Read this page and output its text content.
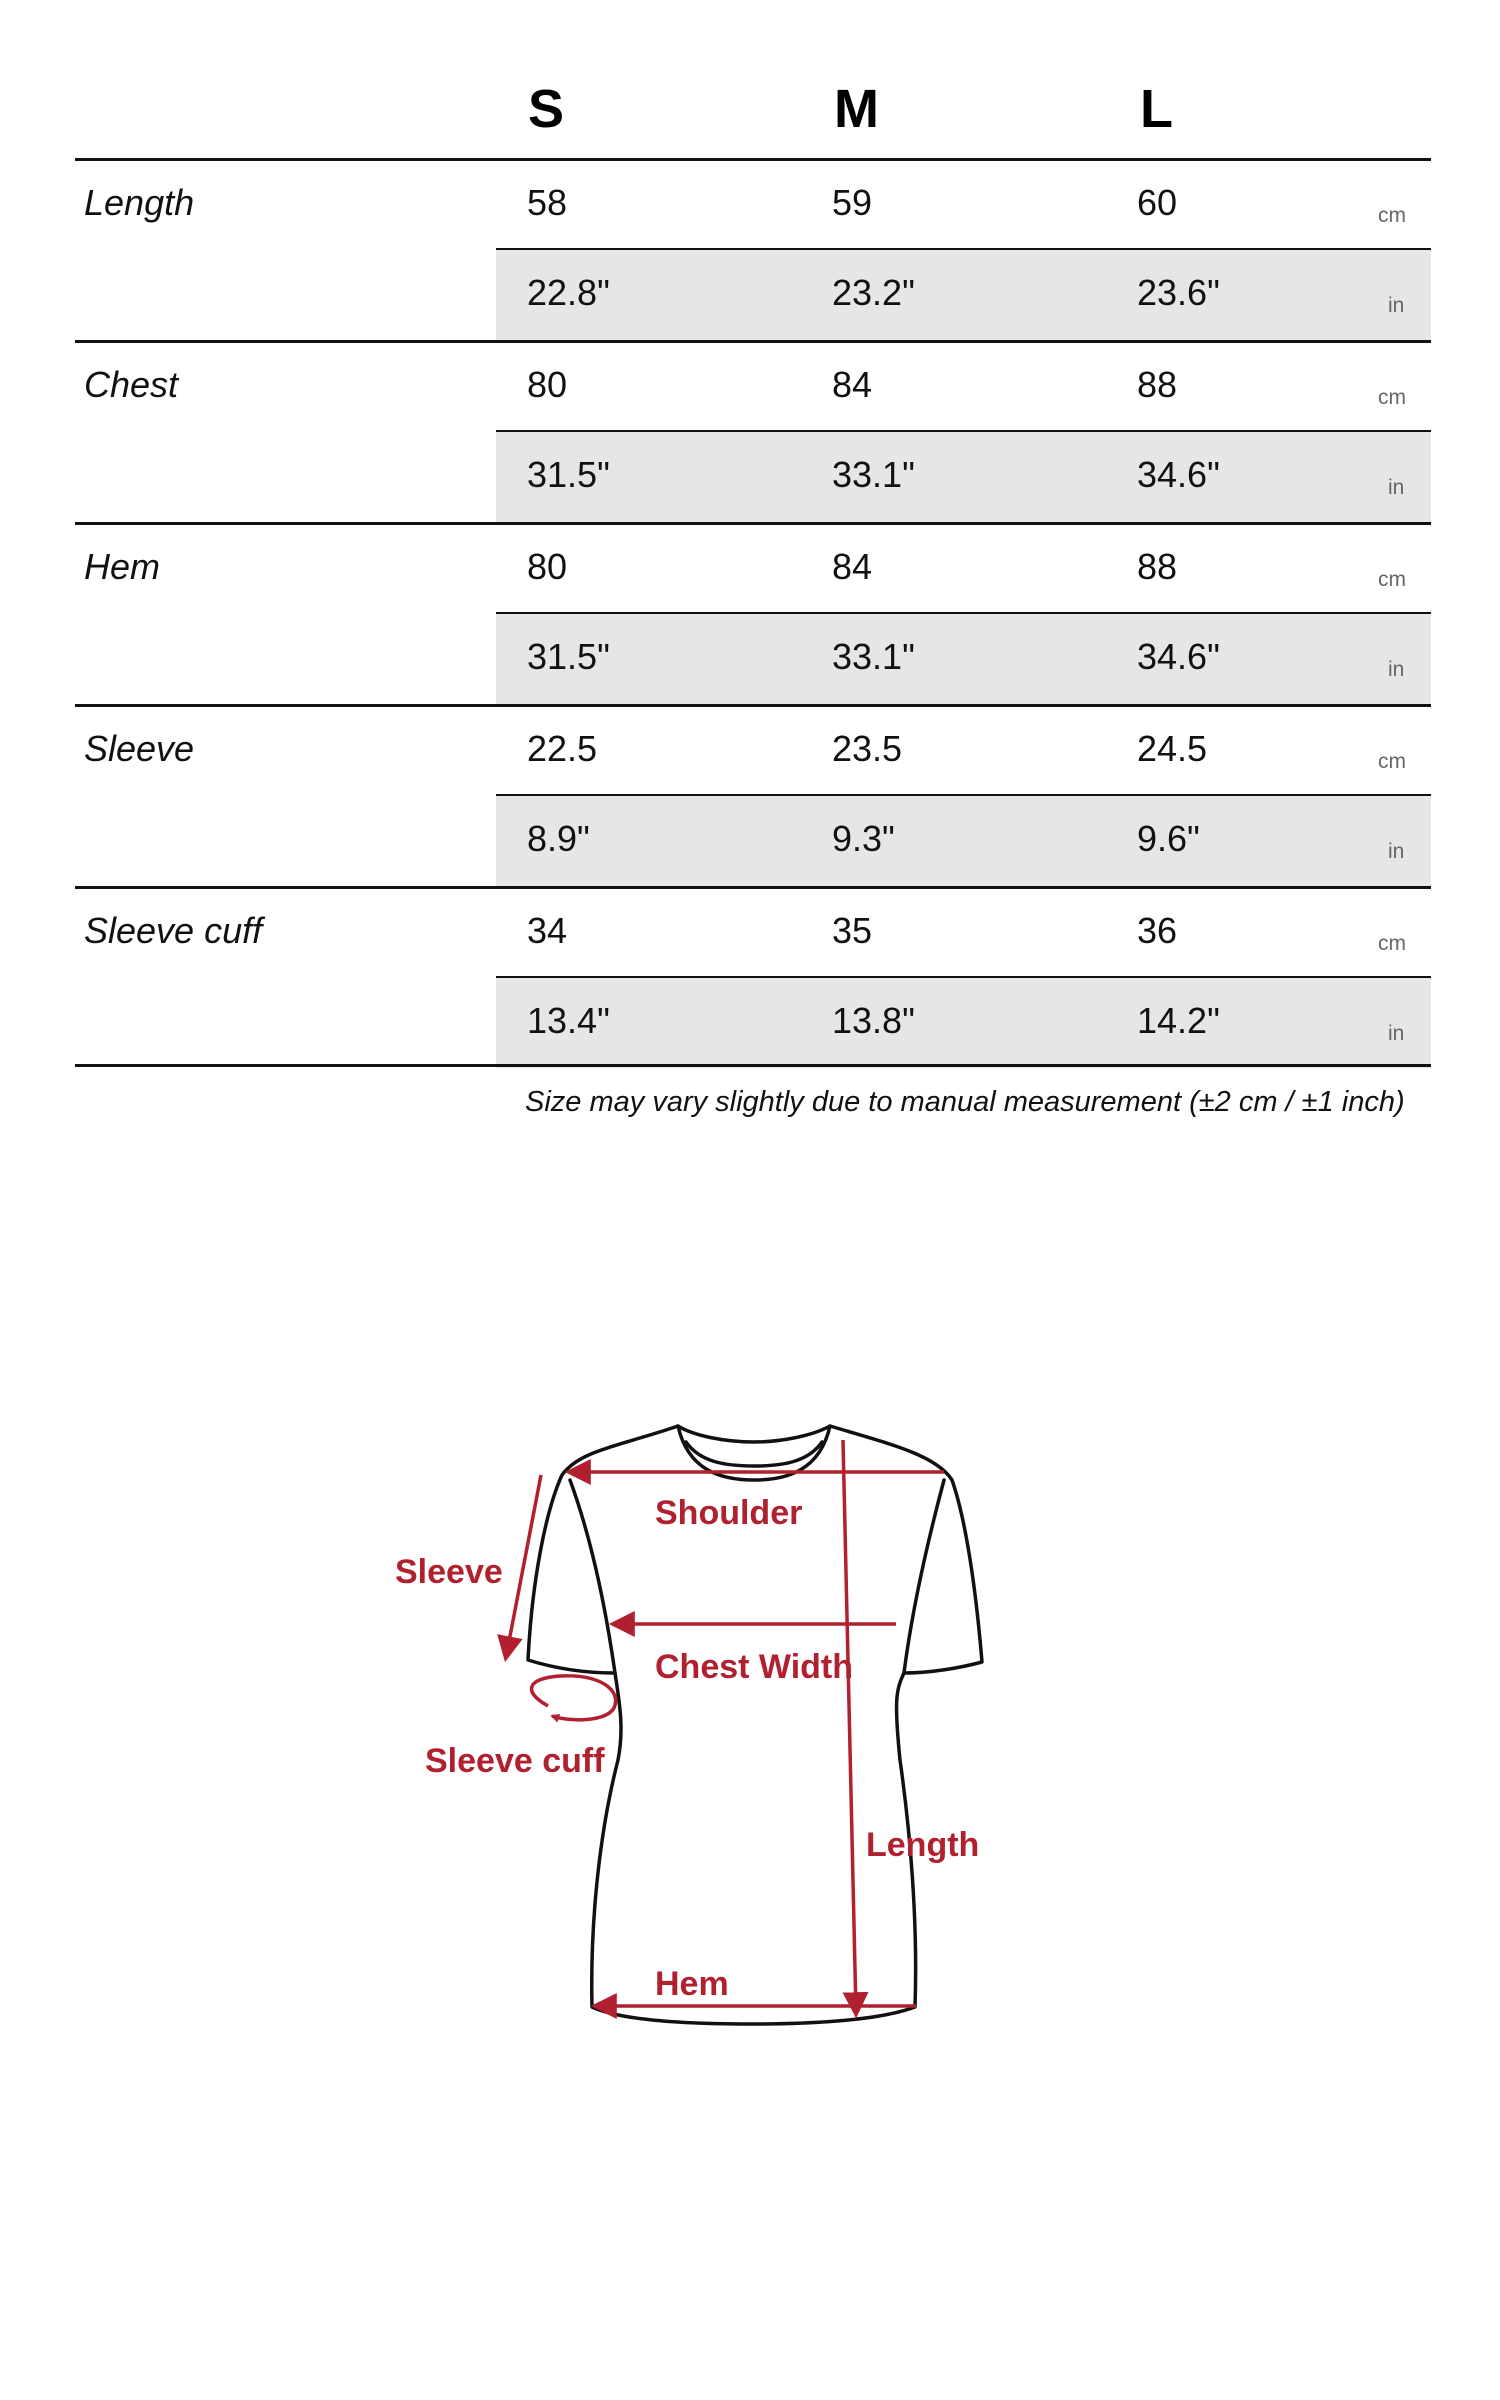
S	M	L
Length	58	59	60	cm
22.8"	23.2"	23.6"	in
Chest	80	84	88	cm
31.5"	33.1"	34.6"	in
Hem	80	84	88	cm
31.5"	33.1"	34.6"	in
Sleeve	22.5	23.5	24.5	cm
8.9"	9.3"	9.6"	in
Sleeve cuff	34	35	36	cm
13.4"	13.8"	14.2"	in
Size may vary slightly due to manual measurement (±2 cm / ±1 inch)
Shoulder
Sleeve
Chest Width
Sleeve cuff
Length
Hem
